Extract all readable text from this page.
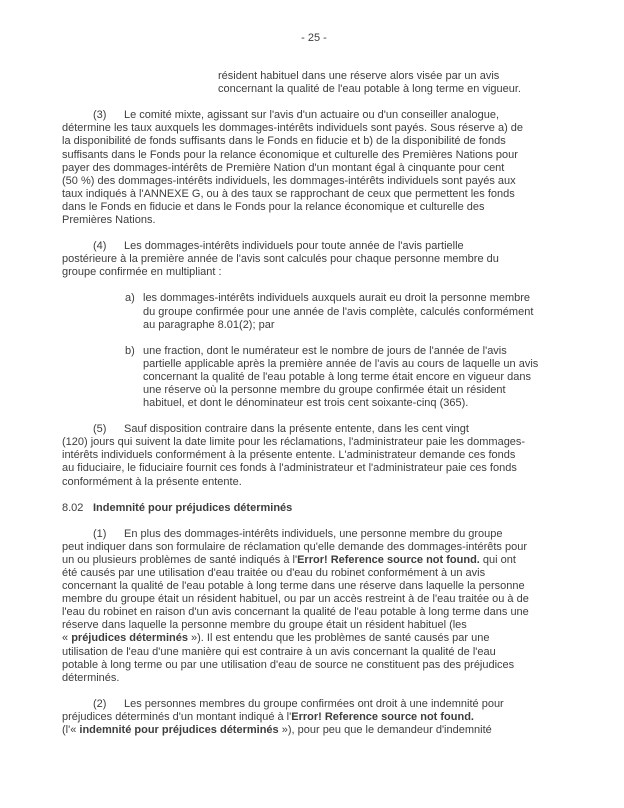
- 25 -

résident habituel dans une réserve alors visée par un avis
concernant la qualité de l'eau potable à long terme en vigueur.

(3) Le comité mixte, agissant sur l'avis d'un actuaire ou d'un conseiller analogue,
détermine les taux auxquels les dommages-intérêts individuels sont payés. Sous réserve a) de
la disponibilité de fonds suffisants dans le Fonds en fiducie et b) de la disponibilité de fonds
suffisants dans le Fonds pour la relance économique et culturelle des Premières Nations pour
payer des dommages-intérêts de Première Nation d'un montant égal à cinquante pour cent
(50 %) des dommages-intérêts individuels, les dommages-intérêts individuels sont payés aux
taux indiqués à l'ANNEXE G, ou à des taux se rapprochant de ceux que permettent les fonds
dans le Fonds en fiducie et dans le Fonds pour la relance économique et culturelle des
Premières Nations.

(4) Les dommages-intérêts individuels pour toute année de l'avis partielle
postérieure à la première année de l'avis sont calculés pour chaque personne membre du
groupe confirmée en multipliant :

a) les dommages-intérêts individuels auxquels aurait eu droit la personne membre
du groupe confirmée pour une année de l'avis complète, calculés conformément
au paragraphe 8.01(2); par

b) une fraction, dont le numérateur est le nombre de jours de l'année de l'avis
partielle applicable après la première année de l'avis au cours de laquelle un avis
concernant la qualité de l'eau potable à long terme était encore en vigueur dans
une réserve où la personne membre du groupe confirmée était un résident
habituel, et dont le dénominateur est trois cent soixante-cinq (365).

(5) Sauf disposition contraire dans la présente entente, dans les cent vingt
(120) jours qui suivent la date limite pour les réclamations, l'administrateur paie les dommages-
intérêts individuels conformément à la présente entente. L'administrateur demande ces fonds
au fiduciaire, le fiduciaire fournit ces fonds à l'administrateur et l'administrateur paie ces fonds
conformément à la présente entente.

8.02 Indemnité pour préjudices déterminés

(1) En plus des dommages-intérêts individuels, une personne membre du groupe
peut indiquer dans son formulaire de réclamation qu'elle demande des dommages-intérêts pour
un ou plusieurs problèmes de santé indiqués à l'Error! Reference source not found. qui ont
été causés par une utilisation d'eau traitée ou d'eau du robinet conformément à un avis
concernant la qualité de l'eau potable à long terme dans une réserve dans laquelle la personne
membre du groupe était un résident habituel, ou par un accès restreint à de l'eau traitée ou à de
l'eau du robinet en raison d'un avis concernant la qualité de l'eau potable à long terme dans une
réserve dans laquelle la personne membre du groupe était un résident habituel (les
« préjudices déterminés »). Il est entendu que les problèmes de santé causés par une
utilisation de l'eau d'une manière qui est contraire à un avis concernant la qualité de l'eau
potable à long terme ou par une utilisation d'eau de source ne constituent pas des préjudices
déterminés.

(2) Les personnes membres du groupe confirmées ont droit à une indemnité pour
préjudices déterminés d'un montant indiqué à l'Error! Reference source not found.
(l'« indemnité pour préjudices déterminés »), pour peu que le demandeur d'indemnité
